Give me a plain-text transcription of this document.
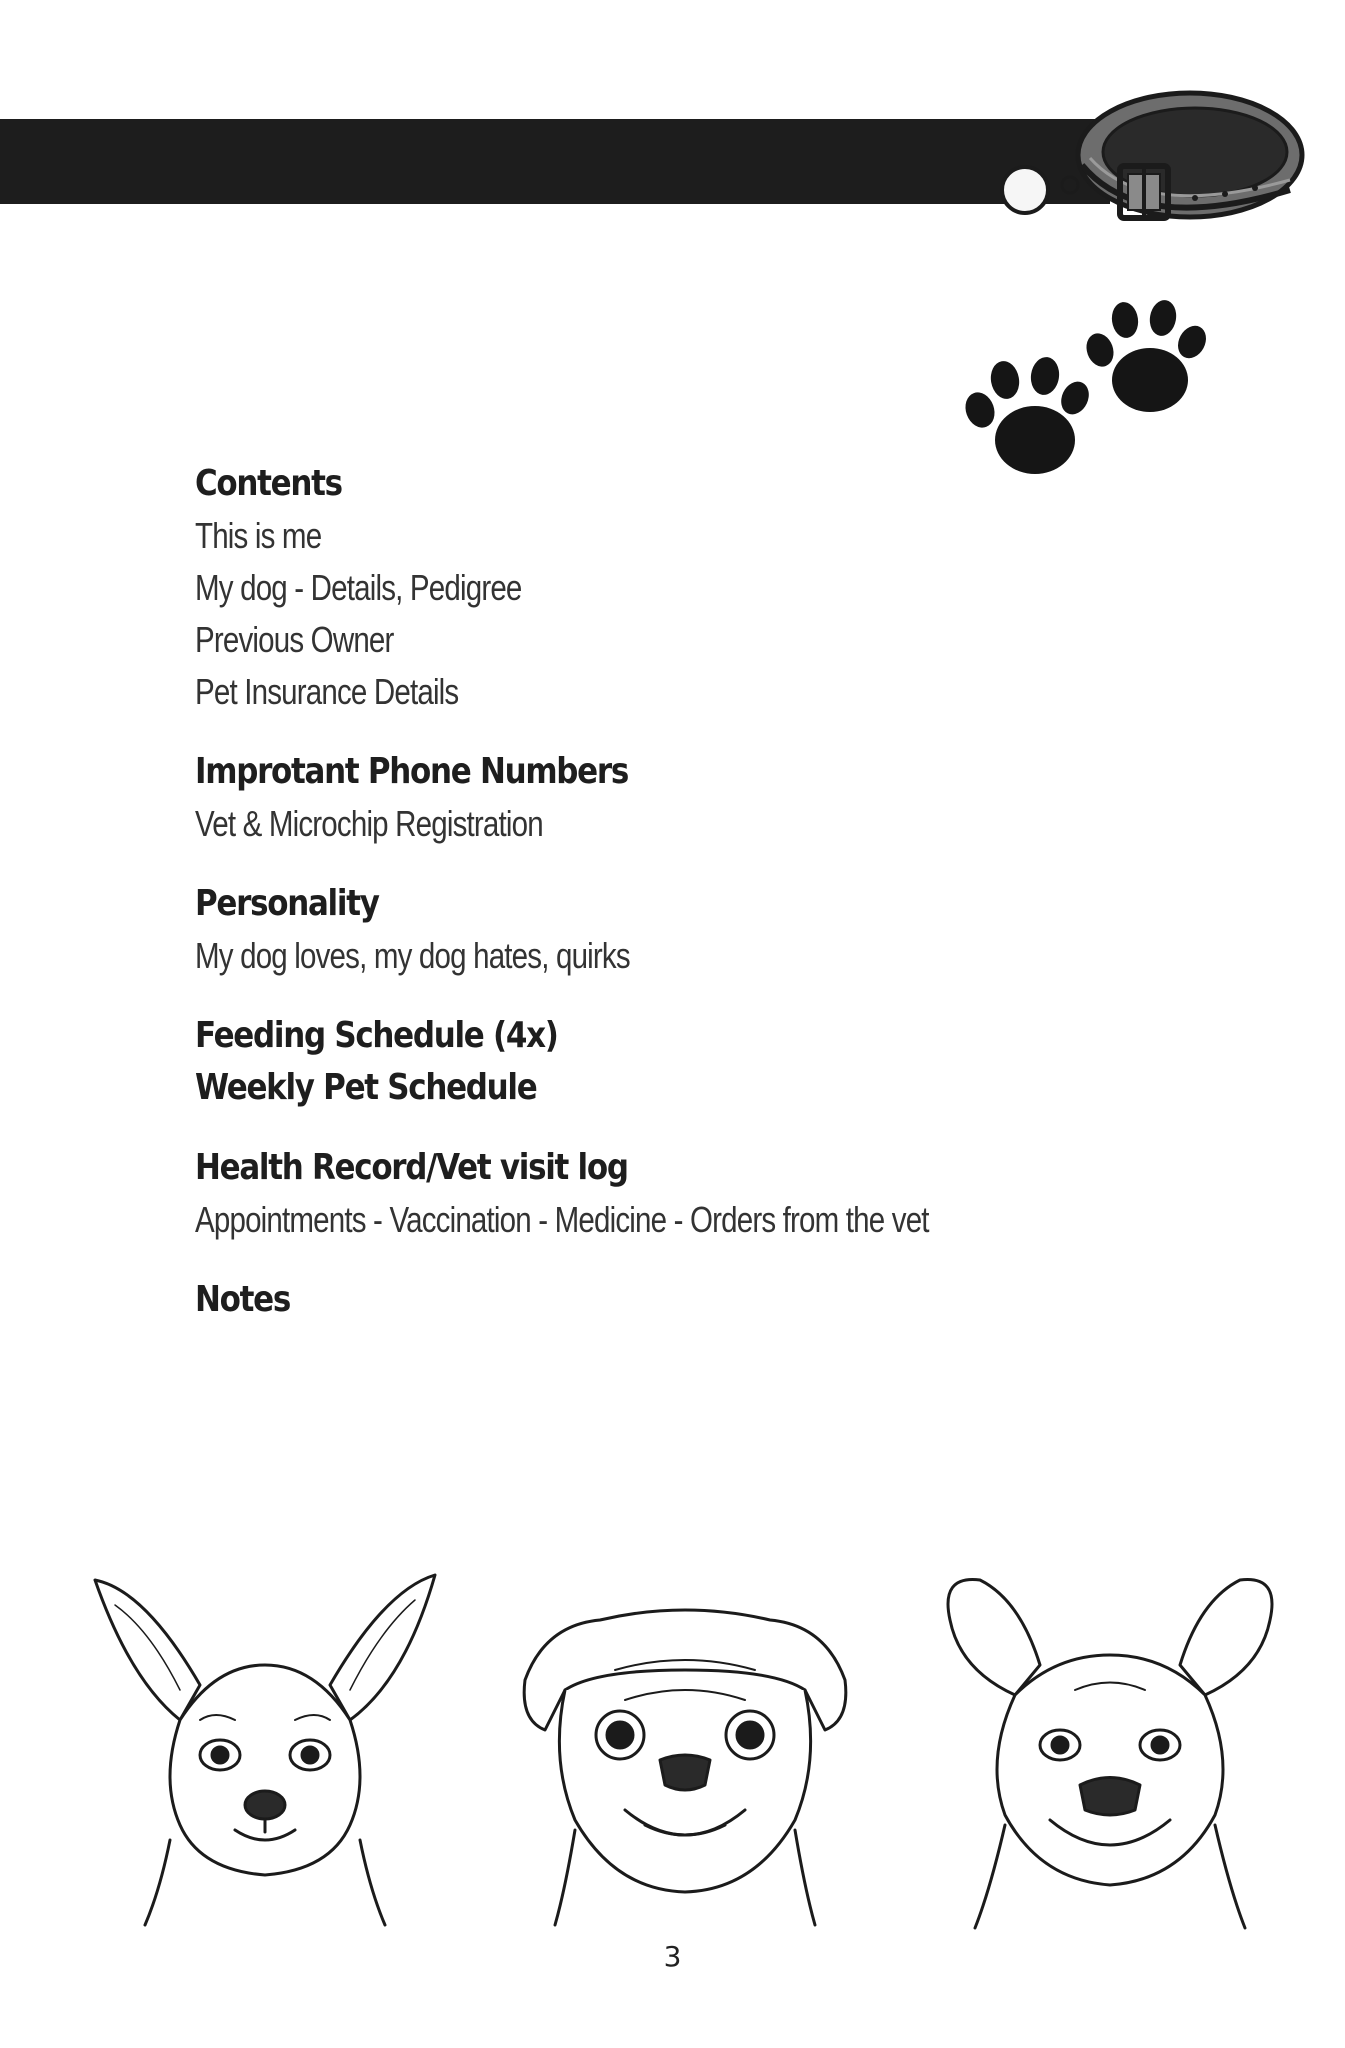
Contents
This is me
My dog - Details, Pedigree
Previous Owner
Pet Insurance Details
Improtant Phone Numbers
Vet & Microchip Registration
Personality
My dog loves, my dog hates, quirks
Feeding Schedule (4x)
Weekly Pet Schedule
Health Record/Vet visit log
Appointments - Vaccination - Medicine - Orders from the vet
Notes
3
